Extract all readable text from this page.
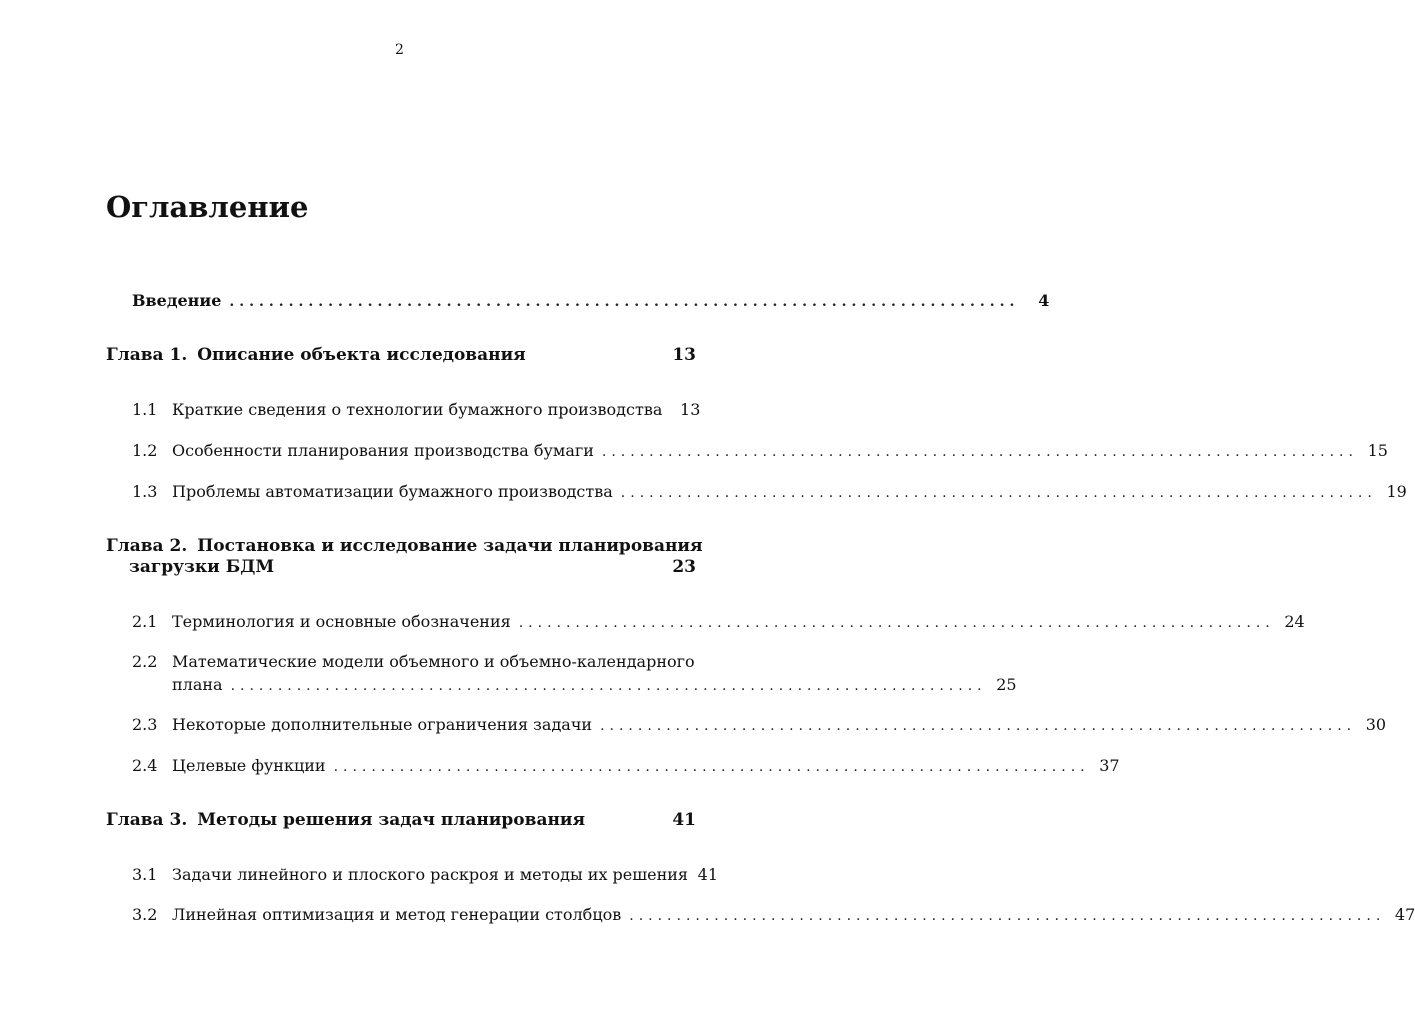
2
Оглавление
Введение ................................................................................	4
Глава 1. Описание объекта исследования	13
1.1 Краткие сведения о технологии бумажного производства 13
1.2 Особенности планирования производства бумаги ................................................................................ 15
1.3 Проблемы автоматизации бумажного производства ................................................................................ 19
Глава 2. Постановка и исследование задачи планирования
загрузки БДМ	23
2.1 Терминология и основные обозначения ................................................................................ 24
2.2 Математические модели объемного и объемно-календарного
плана ................................................................................ 25
2.3 Некоторые дополнительные ограничения задачи ................................................................................ 30
2.4 Целевые функции ................................................................................ 37
Глава 3. Методы решения задач планирования	41
3.1 Задачи линейного и плоского раскроя и методы их решения 41
3.2 Линейная оптимизация и метод генерации столбцов ................................................................................ 47
